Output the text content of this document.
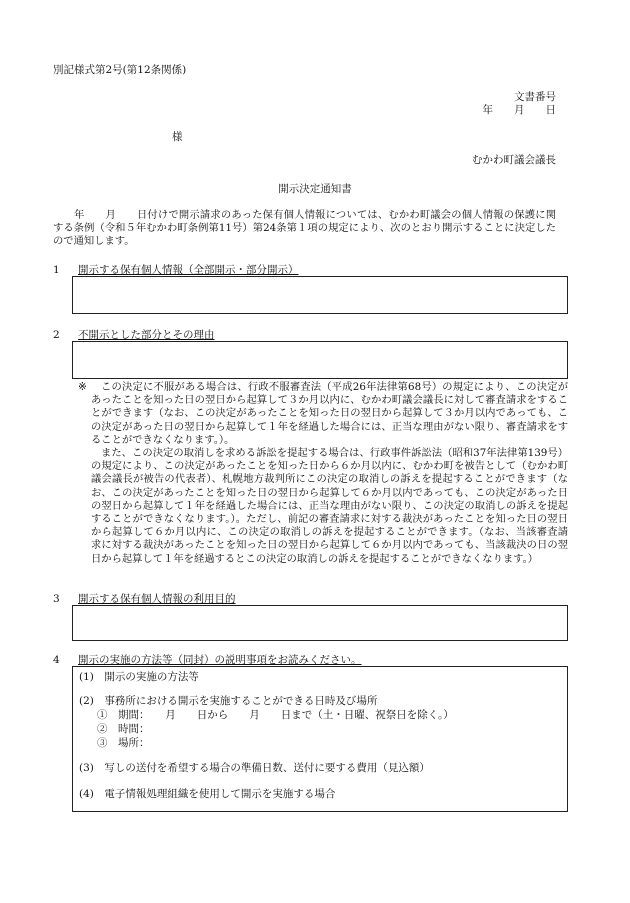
別記様式第2号(第12条関係)
文書番号
年　　月　　日
様
むかわ町議会議長
開示決定通知書
　　年　　月　　日付けで開示請求のあった保有個人情報については、むかわ町議会の個人情報の保護に関する条例（令和５年むかわ町条例第11号）第24条第１項の規定により、次のとおり開示することに決定したので通知します。
1 開示する保有個人情報（全部開示・部分開示）
2 不開示とした部分とその理由
※	この決定に不服がある場合は、行政不服審査法（平成26年法律第68号）の規定により、この決定があったことを知った日の翌日から起算して３か月以内に、むかわ町議会議長に対して審査請求をすることができます（なお、この決定があったことを知った日の翌日から起算して３か月以内であっても、この決定があった日の翌日から起算して１年を経過した場合には、正当な理由がない限り、審査請求をすることができなくなります。）。
また、この決定の取消しを求める訴訟を提起する場合は、行政事件訴訟法（昭和37年法律第139号）の規定により、この決定があったことを知った日から６か月以内に、むかわ町を被告として（むかわ町議会議長が被告の代表者）、札幌地方裁判所にこの決定の取消しの訴えを提起することができます（なお、この決定があったことを知った日の翌日から起算して６か月以内であっても、この決定があった日の翌日から起算して１年を経過した場合には、正当な理由がない限り、この決定の取消しの訴えを提起することができなくなります。）。ただし、前記の審査請求に対する裁決があったことを知った日の翌日から起算して６か月以内に、この決定の取消しの訴えを提起することができます。（なお、当該審査請求に対する裁決があったことを知った日の翌日から起算して６か月以内であっても、当該裁決の日の翌日から起算して１年を経過するとこの決定の取消しの訴えを提起することができなくなります。）
3 開示する保有個人情報の利用目的
4 開示の実施の方法等（同封）の説明事項をお読みください。
(1)　開示の実施の方法等
(2)　事務所における開示を実施することができる日時及び場所
①　期間：　　月　　日から　　月　　日まで（土・日曜、祝祭日を除く。）
②　時間：
③　場所：
(3)　写しの送付を希望する場合の準備日数、送付に要する費用（見込額）
(4)　電子情報処理組織を使用して開示を実施する場合
